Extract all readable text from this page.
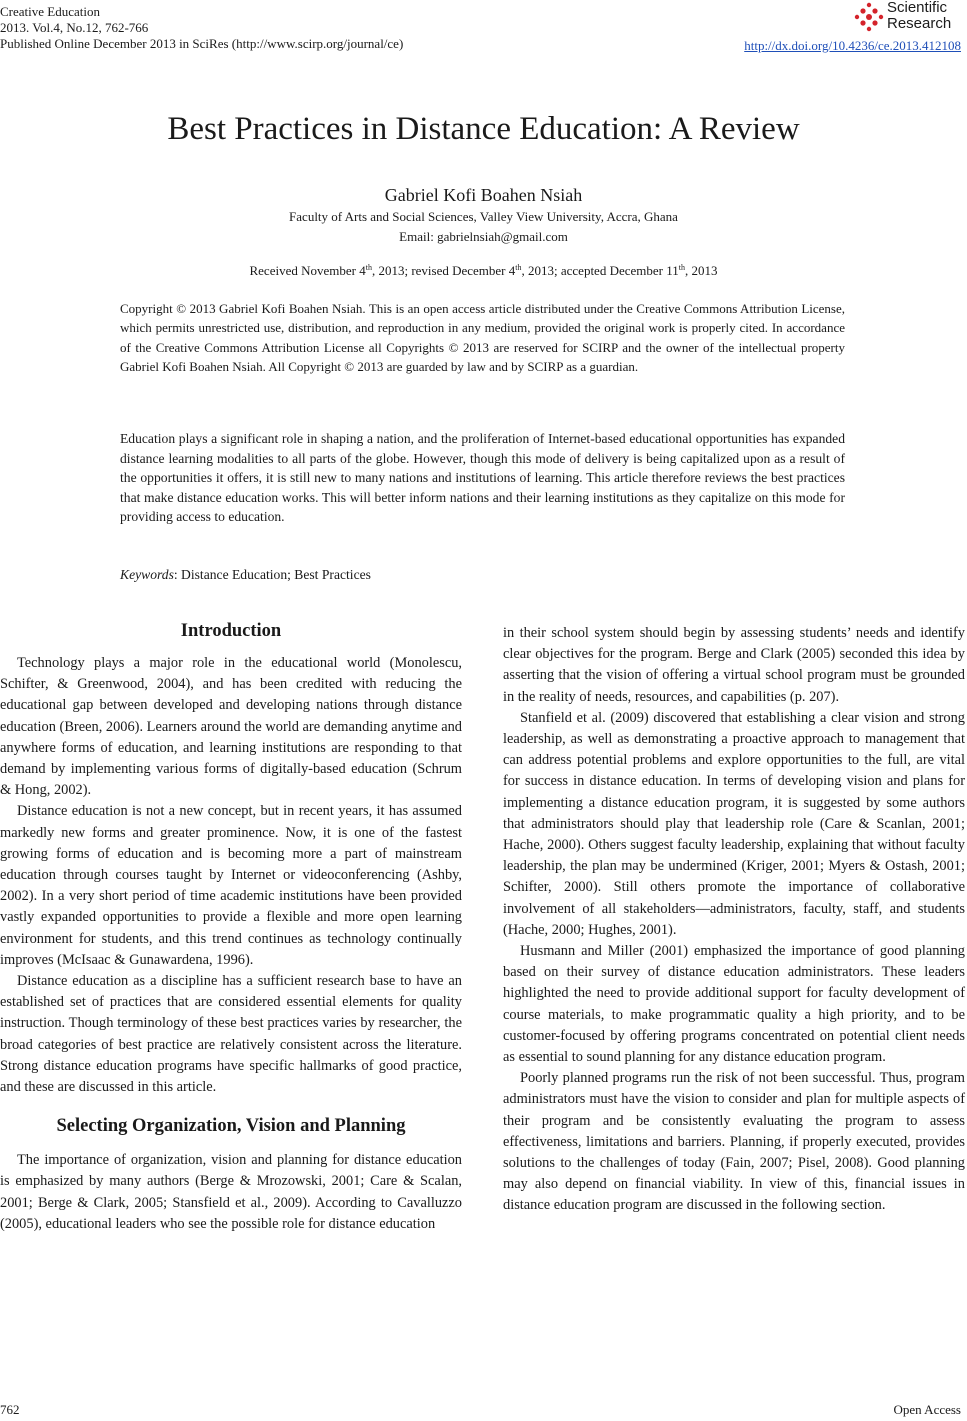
Creative Education
2013. Vol.4, No.12, 762-766
Published Online December 2013 in SciRes (http://www.scirp.org/journal/ce)
Scientific
Research
http://dx.doi.org/10.4236/ce.2013.412108
Best Practices in Distance Education: A Review
Gabriel Kofi Boahen Nsiah
Faculty of Arts and Social Sciences, Valley View University, Accra, Ghana
Email: gabrielnsiah@gmail.com
Received November 4th, 2013; revised December 4th, 2013; accepted December 11th, 2013
Copyright © 2013 Gabriel Kofi Boahen Nsiah. This is an open access article distributed under the Creative Commons Attribution License, which permits unrestricted use, distribution, and reproduction in any medium, provided the original work is properly cited. In accordance of the Creative Commons Attribution License all Copyrights © 2013 are reserved for SCIRP and the owner of the intellectual property Gabriel Kofi Boahen Nsiah. All Copyright © 2013 are guarded by law and by SCIRP as a guardian.
Education plays a significant role in shaping a nation, and the proliferation of Internet-based educational opportunities has expanded distance learning modalities to all parts of the globe. However, though this mode of delivery is being capitalized upon as a result of the opportunities it offers, it is still new to many nations and institutions of learning. This article therefore reviews the best practices that make distance education works. This will better inform nations and their learning institutions as they capitalize on this mode for providing access to education.
Keywords: Distance Education; Best Practices
Introduction

Technology plays a major role in the educational world (Monolescu, Schifter, & Greenwood, 2004), and has been credited with reducing the educational gap between developed and developing nations through distance education (Breen, 2006). Learners around the world are demanding anytime and anywhere forms of education, and learning institutions are responding to that demand by implementing various forms of digitally-based education (Schrum & Hong, 2002).

Distance education is not a new concept, but in recent years, it has assumed markedly new forms and greater prominence. Now, it is one of the fastest growing forms of education and is becoming more a part of mainstream education through courses taught by Internet or videoconferencing (Ashby, 2002). In a very short period of time academic institutions have been provided vastly expanded opportunities to provide a flexible and more open learning environment for students, and this trend continues as technology continually improves (McIsaac & Gunawardena, 1996).

Distance education as a discipline has a sufficient research base to have an established set of practices that are considered essential elements for quality instruction. Though terminology of these best practices varies by researcher, the broad categories of best practice are relatively consistent across the literature. Strong distance education programs have specific hallmarks of good practice, and these are discussed in this article.

Selecting Organization, Vision and Planning

The importance of organization, vision and planning for distance education is emphasized by many authors (Berge & Mrozowski, 2001; Care & Scalan, 2001; Berge & Clark, 2005; Stansfield et al., 2009). According to Cavalluzzo (2005), educational leaders who see the possible role for distance education

in their school system should begin by assessing students’ needs and identify clear objectives for the program. Berge and Clark (2005) seconded this idea by asserting that the vision of offering a virtual school program must be grounded in the reality of needs, resources, and capabilities (p. 207).

Stanfield et al. (2009) discovered that establishing a clear vision and strong leadership, as well as demonstrating a proactive approach to management that can address potential problems and explore opportunities to the full, are vital for success in distance education. In terms of developing vision and plans for implementing a distance education program, it is suggested by some authors that administrators should play that leadership role (Care & Scanlan, 2001; Hache, 2000). Others suggest faculty leadership, explaining that without faculty leadership, the plan may be undermined (Kriger, 2001; Myers & Ostash, 2001; Schifter, 2000). Still others promote the importance of collaborative involvement of all stakeholders—administrators, faculty, staff, and students (Hache, 2000; Hughes, 2001).

Husmann and Miller (2001) emphasized the importance of good planning based on their survey of distance education administrators. These leaders highlighted the need to provide additional support for faculty development of course materials, to make programmatic quality a high priority, and to be customer-focused by offering programs concentrated on potential client needs as essential to sound planning for any distance education program.

Poorly planned programs run the risk of not been successful. Thus, program administrators must have the vision to consider and plan for multiple aspects of their program and be consistently evaluating the program to assess effectiveness, limitations and barriers. Planning, if properly executed, provides solutions to the challenges of today (Fain, 2007; Pisel, 2008). Good planning may also depend on financial viability. In view of this, financial issues in distance education program are discussed in the following section.

762	Open Access
